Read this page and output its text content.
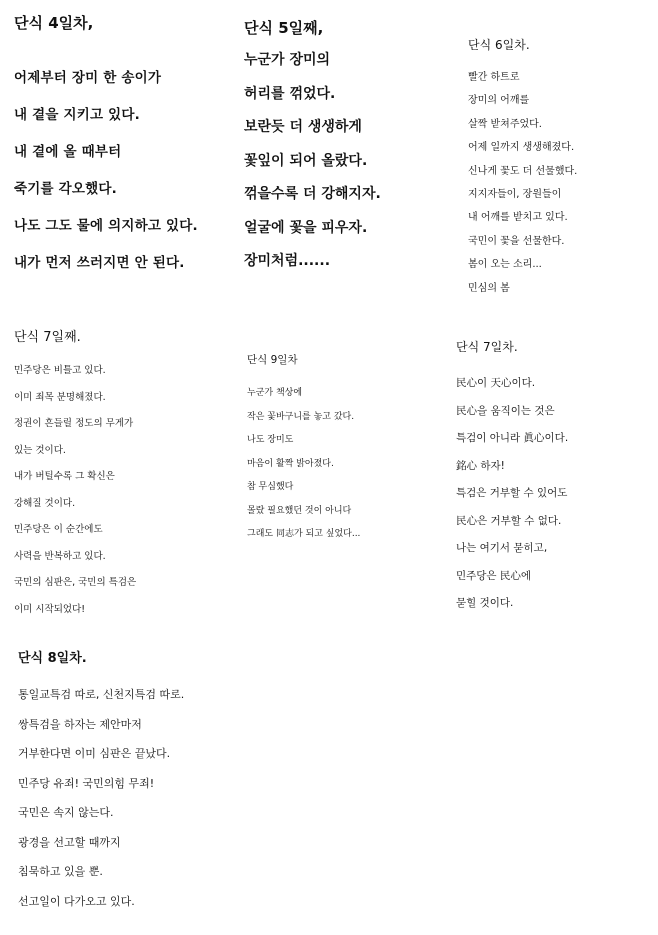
단식 4일차,
어제부터 장미 한 송이가
내 곁을 지키고 있다.
내 곁에 올 때부터
죽기를 각오했다.
나도 그도 물에 의지하고 있다.
내가 먼저 쓰러지면 안 된다.
단식 5일째,
누군가 장미의
허리를 꺾었다.
보란듯 더 생생하게
꽃잎이 되어 올랐다.
꺾을수록 더 강해지자.
얼굴에 꽃을 피우자.
장미처럼......
단식 6일차.
빨간 하트로
장미의 어깨를
살짝 받쳐주었다.
어제 일까지 생생해졌다.
신나게 꽃도 더 선물했다.
지지자들이, 장원들이
내 어깨를 받치고 있다.
국민이 꽃을 선물한다.
봄이 오는 소리...
민심의 봄
단식 7일째.
민주당은 비틀고 있다.
이미 죄목 분명해졌다.
정권이 흔들릴 정도의 무게가
있는 것이다.
내가 버틸수록 그 확신은
강해질 것이다.
민주당은 이 순간에도
사력을 반복하고 있다.
국민의 심판은, 국민의 특검은
이미 시작되었다!
단식 9일차
누군가 책상에
작은 꽃바구니를 놓고 갔다.
나도 장미도
마음이 활짝 밝아졌다.
참 무심했다
몰랐 필요했던 것이 아니다
그래도 同志가 되고 싶었다...
단식 7일차.
民心이 天心이다.
民心을 움직이는 것은
특검이 아니라 眞心이다.
銘心 하자!
특검은 거부할 수 있어도
民心은 거부할 수 없다.
나는 여기서 묻히고,
민주당은 民心에
묻힐 것이다.
단식 8일차.
통일교특검 따로, 신천지특검 따로.
쌍특검을 하자는 제안마저
거부한다면 이미 심판은 끝났다.
민주당 유죄! 국민의힘 무죄!
국민은 속지 않는다.
광경을 선고할 때까지
침묵하고 있을 뿐.
선고일이 다가오고 있다.
